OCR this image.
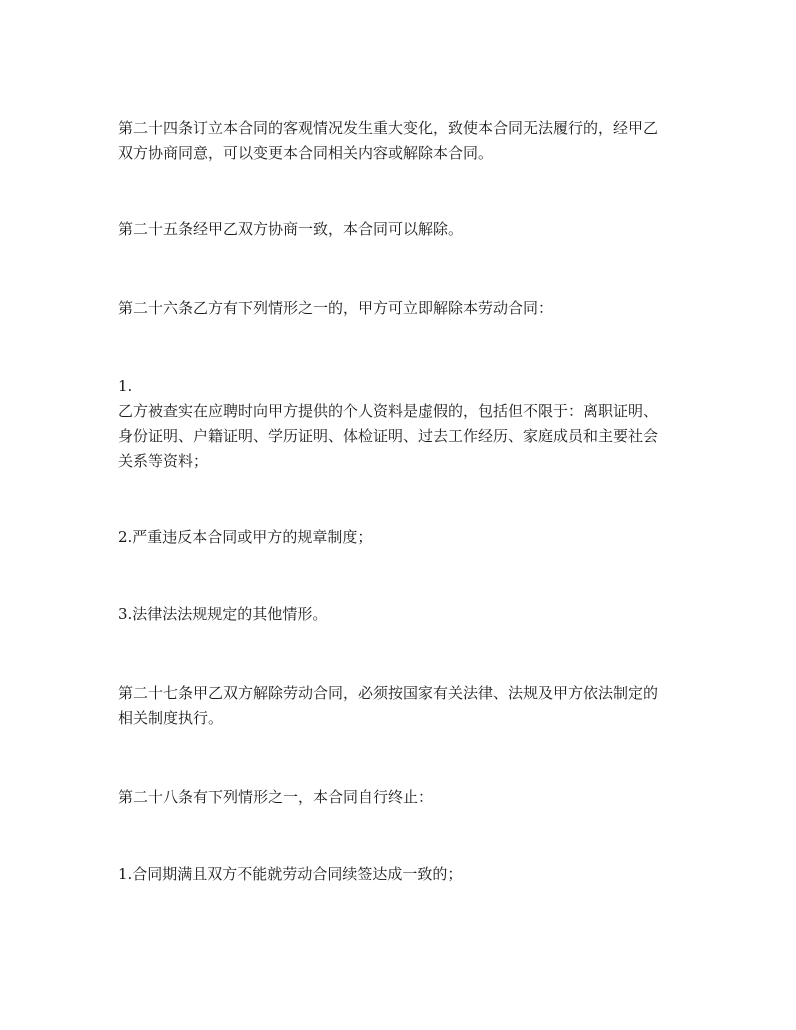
第二十四条订立本合同的客观情况发生重大变化，致使本合同无法履行的，经甲乙
双方协商同意，可以变更本合同相关内容或解除本合同。
第二十五条经甲乙双方协商一致，本合同可以解除。
第二十六条乙方有下列情形之一的，甲方可立即解除本劳动合同：
1.
乙方被查实在应聘时向甲方提供的个人资料是虚假的，包括但不限于：离职证明、
身份证明、户籍证明、学历证明、体检证明、过去工作经历、家庭成员和主要社会
关系等资料；
2.严重违反本合同或甲方的规章制度；
3.法律法法规规定的其他情形。
第二十七条甲乙双方解除劳动合同，必须按国家有关法律、法规及甲方依法制定的
相关制度执行。
第二十八条有下列情形之一，本合同自行终止：
1.合同期满且双方不能就劳动合同续签达成一致的；
